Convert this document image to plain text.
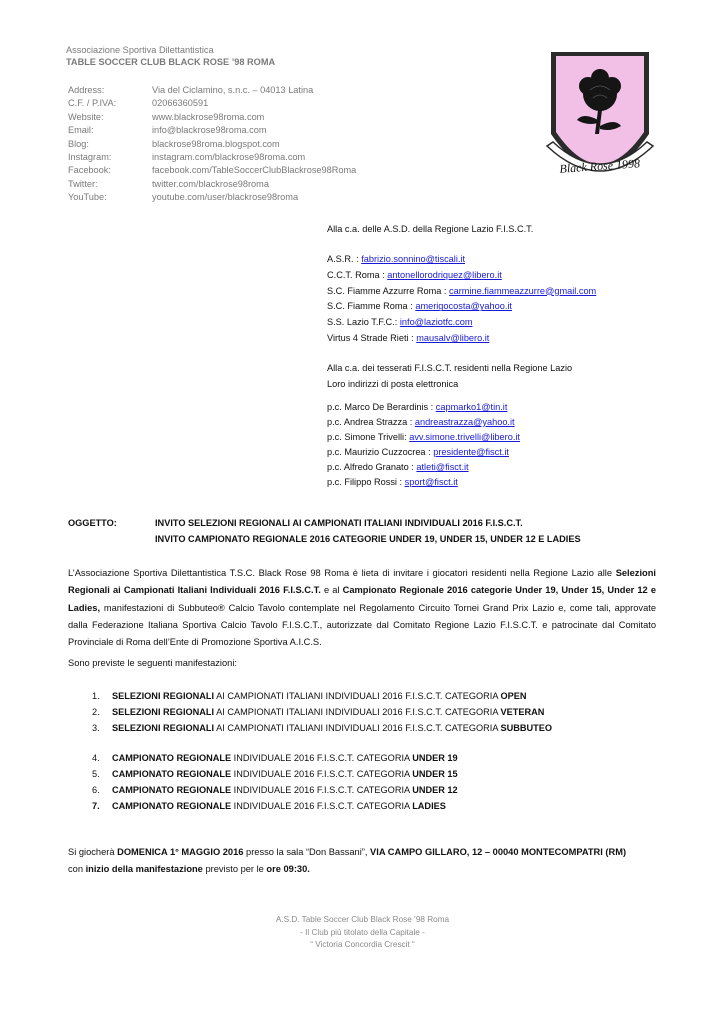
Associazione Sportiva Dilettantistica
TABLE SOCCER CLUB BLACK ROSE ’98 ROMA
Address:	Via del Ciclamino, s.n.c. – 04013 Latina
C.F. / P.IVA:	02066360591
Website:	www.blackrose98roma.com
Email:	info@blackrose98roma.com
Blog:	blackrose98roma.blogspot.com
Instagram:	instagram.com/blackrose98roma.com
Facebook:	facebook.com/TableSoccerClubBlackrose98Roma
Twitter:	twitter.com/blackrose98roma
YouTube:	youtube.com/user/blackrose98roma
Black Rose 1998
Alla c.a. delle A.S.D. della Regione Lazio F.I.S.C.T.
A.S.R. : fabrizio.sonnino@tiscali.it
C.C.T. Roma : antonellorodriquez@libero.it
S.C. Fiamme Azzurre Roma : carmine.fiammeazzurre@gmail.com
S.C. Fiamme Roma : amerigocosta@yahoo.it
S.S. Lazio T.F.C.: info@laziotfc.com
Virtus 4 Strade Rieti : mausalv@libero.it
Alla c.a. dei tesserati F.I.S.C.T. residenti nella Regione Lazio
Loro indirizzi di posta elettronica
p.c. Marco De Berardinis : capmarko1@tin.it
p.c. Andrea Strazza : andreastrazza@yahoo.it
p.c. Simone Trivelli: avv.simone.trivelli@libero.it
p.c. Maurizio Cuzzocrea : presidente@fisct.it
p.c. Alfredo Granato : atleti@fisct.it
p.c. Filippo Rossi : sport@fisct.it
OGGETTO:	INVITO SELEZIONI REGIONALI AI CAMPIONATI ITALIANI INDIVIDUALI 2016 F.I.S.C.T.
INVITO CAMPIONATO REGIONALE 2016 CATEGORIE UNDER 19, UNDER 15, UNDER 12 E LADIES
L’Associazione Sportiva Dilettantistica T.S.C. Black Rose 98 Roma è lieta di invitare i giocatori residenti nella Regione Lazio alle Selezioni Regionali ai Campionati Italiani Individuali 2016 F.I.S.C.T. e al Campionato Regionale 2016 categorie Under 19, Under 15, Under 12 e Ladies, manifestazioni di Subbuteo® Calcio Tavolo contemplate nel Regolamento Circuito Tornei Grand Prix Lazio e, come tali, approvate dalla Federazione Italiana Sportiva Calcio Tavolo F.I.S.C.T., autorizzate dal Comitato Regione Lazio F.I.S.C.T. e patrocinate dal Comitato Provinciale di Roma dell’Ente di Promozione Sportiva A.I.C.S.
Sono previste le seguenti manifestazioni:
1. SELEZIONI REGIONALI AI CAMPIONATI ITALIANI INDIVIDUALI 2016 F.I.S.C.T. CATEGORIA OPEN
2. SELEZIONI REGIONALI AI CAMPIONATI ITALIANI INDIVIDUALI 2016 F.I.S.C.T. CATEGORIA VETERAN
3. SELEZIONI REGIONALI AI CAMPIONATI ITALIANI INDIVIDUALI 2016 F.I.S.C.T. CATEGORIA SUBBUTEO
4. CAMPIONATO REGIONALE INDIVIDUALE 2016 F.I.S.C.T. CATEGORIA UNDER 19
5. CAMPIONATO REGIONALE INDIVIDUALE 2016 F.I.S.C.T. CATEGORIA UNDER 15
6. CAMPIONATO REGIONALE INDIVIDUALE 2016 F.I.S.C.T. CATEGORIA UNDER 12
7. CAMPIONATO REGIONALE INDIVIDUALE 2016 F.I.S.C.T. CATEGORIA LADIES
Si giocherà DOMENICA 1° MAGGIO 2016 presso la sala “Don Bassani”, VIA CAMPO GILLARO, 12 – 00040 MONTECOMPATRI (RM)
con inizio della manifestazione previsto per le ore 09:30.
A.S.D. Table Soccer Club Black Rose ’98 Roma
- Il Club più titolato della Capitale -
“ Victoria Concordia Crescit “
